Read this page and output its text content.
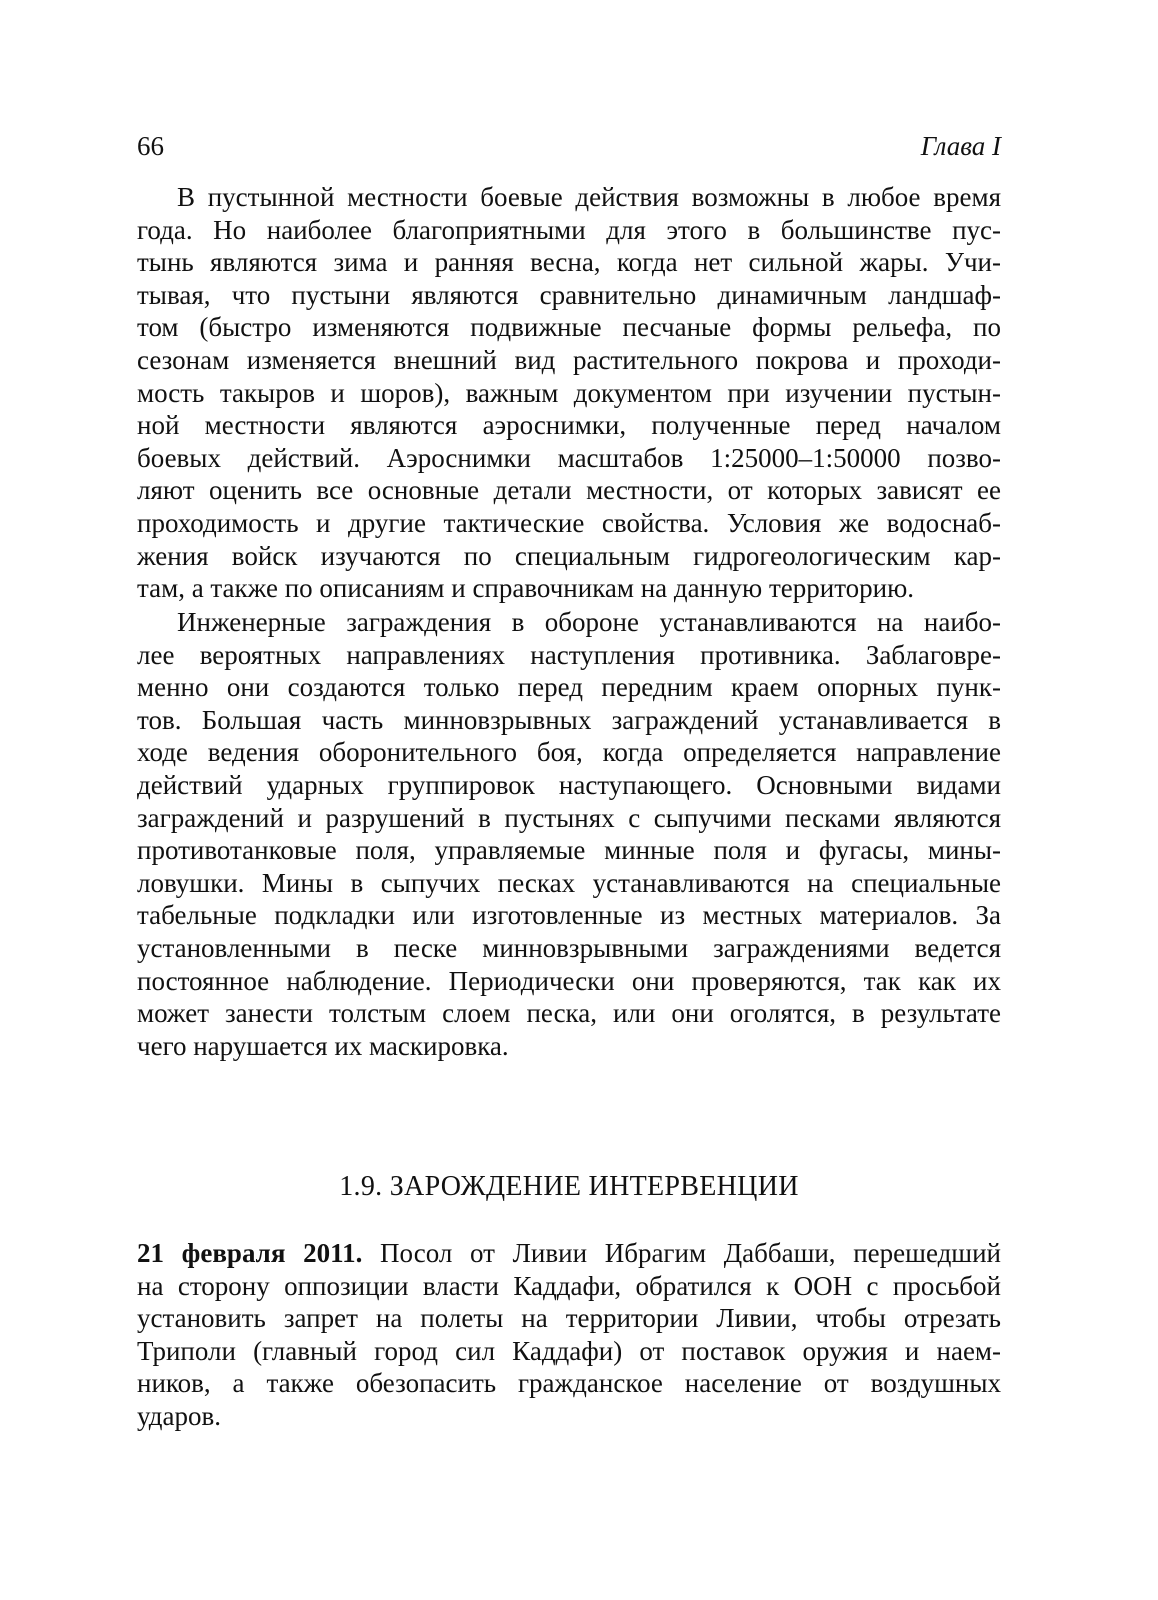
66	Глава I
В пустынной местности боевые действия возможны в любое время
года. Но наиболее благоприятными для этого в большинстве пус-
тынь являются зима и ранняя весна, когда нет сильной жары. Учи-
тывая, что пустыни являются сравнительно динамичным ландшаф-
том (быстро изменяются подвижные песчаные формы рельефа, по
сезонам изменяется внешний вид растительного покрова и проходи-
мость такыров и шоров), важным документом при изучении пустын-
ной местности являются аэроснимки, полученные перед началом
боевых действий. Аэроснимки масштабов 1:25000–1:50000 позво-
ляют оценить все основные детали местности, от которых зависят ее
проходимость и другие тактические свойства. Условия же водоснаб-
жения войск изучаются по специальным гидрогеологическим кар-
там, а также по описаниям и справочникам на данную территорию.
Инженерные заграждения в обороне устанавливаются на наибо-
лее вероятных направлениях наступления противника. Заблаговре-
менно они создаются только перед передним краем опорных пунк-
тов. Большая часть минновзрывных заграждений устанавливается в
ходе ведения оборонительного боя, когда определяется направление
действий ударных группировок наступающего. Основными видами
заграждений и разрушений в пустынях с сыпучими песками являются
противотанковые поля, управляемые минные поля и фугасы, мины-
ловушки. Мины в сыпучих песках устанавливаются на специальные
табельные подкладки или изготовленные из местных материалов. За
установленными в песке минновзрывными заграждениями ведется
постоянное наблюдение. Периодически они проверяются, так как их
может занести толстым слоем песка, или они оголятся, в результате
чего нарушается их маскировка.
1.9. ЗАРОЖДЕНИЕ ИНТЕРВЕНЦИИ
21 февраля 2011. Посол от Ливии Ибрагим Даббаши, перешедший
на сторону оппозиции власти Каддафи, обратился к ООН с просьбой
установить запрет на полеты на территории Ливии, чтобы отрезать
Триполи (главный город сил Каддафи) от поставок оружия и наем-
ников, а также обезопасить гражданское население от воздушных
ударов.
